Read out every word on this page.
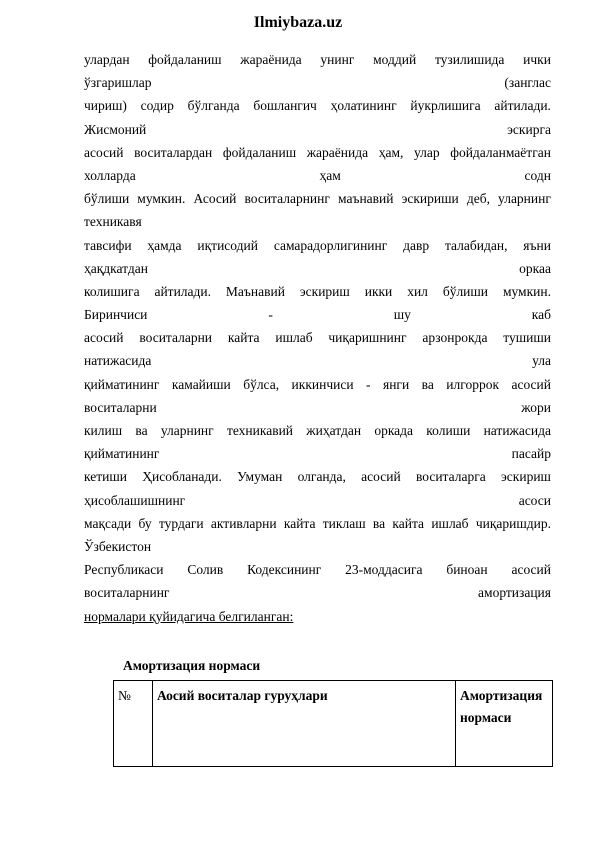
Ilmiybaza.uz
улардан фойдаланиш жараёнида унинг моддий тузилишида ички
ўзгаришлар	(занглас
чириш) содир бўлганда бошлангич ҳолатининг йукрлишига айтилади.
Жисмоний	эскирга
асосий воситалардан фойдаланиш жараёнида ҳам, улар фойдаланмаётган
холларда	ҳам	содн
бўлиши мумкин. Асосий воситаларнинг маънавий эскириши деб, уларнинг
техникавя
тавсифи ҳамда иқтисодий самарадорлигининг давр талабидан, яъни
ҳақдкатдан	оркаа
колишига айтилади. Маънавий эскириш икки хил бўлиши мумкин.
Биринчиси	-	шу	каб
асосий воситаларни кайта ишлаб чиқаришнинг арзонрокда тушиши
натижасида	ула
қийматининг камайиши бўлса, иккинчиси - янги ва илгоррок асосий
воситаларни	жори
килиш ва уларнинг техникавий жиҳатдан оркада колиши натижасида
қийматининг	пасайр
кетиши Ҳисобланади. Умуман олганда, асосий воситаларга эскириш
ҳисоблашишнинг	асоси
мақсади бу турдаги активларни кайта тиклаш ва кайта ишлаб чиқаришдир.
Ўзбекистон
Республикаси Солив Кодексининг 23-моддасига биноан асосий
воситаларнинг	амортизация
нормалари қуйидагича белгиланган:
Амортизация нормаси
№	Аосий воситалар гуруҳлари	Амортизация нормаси
